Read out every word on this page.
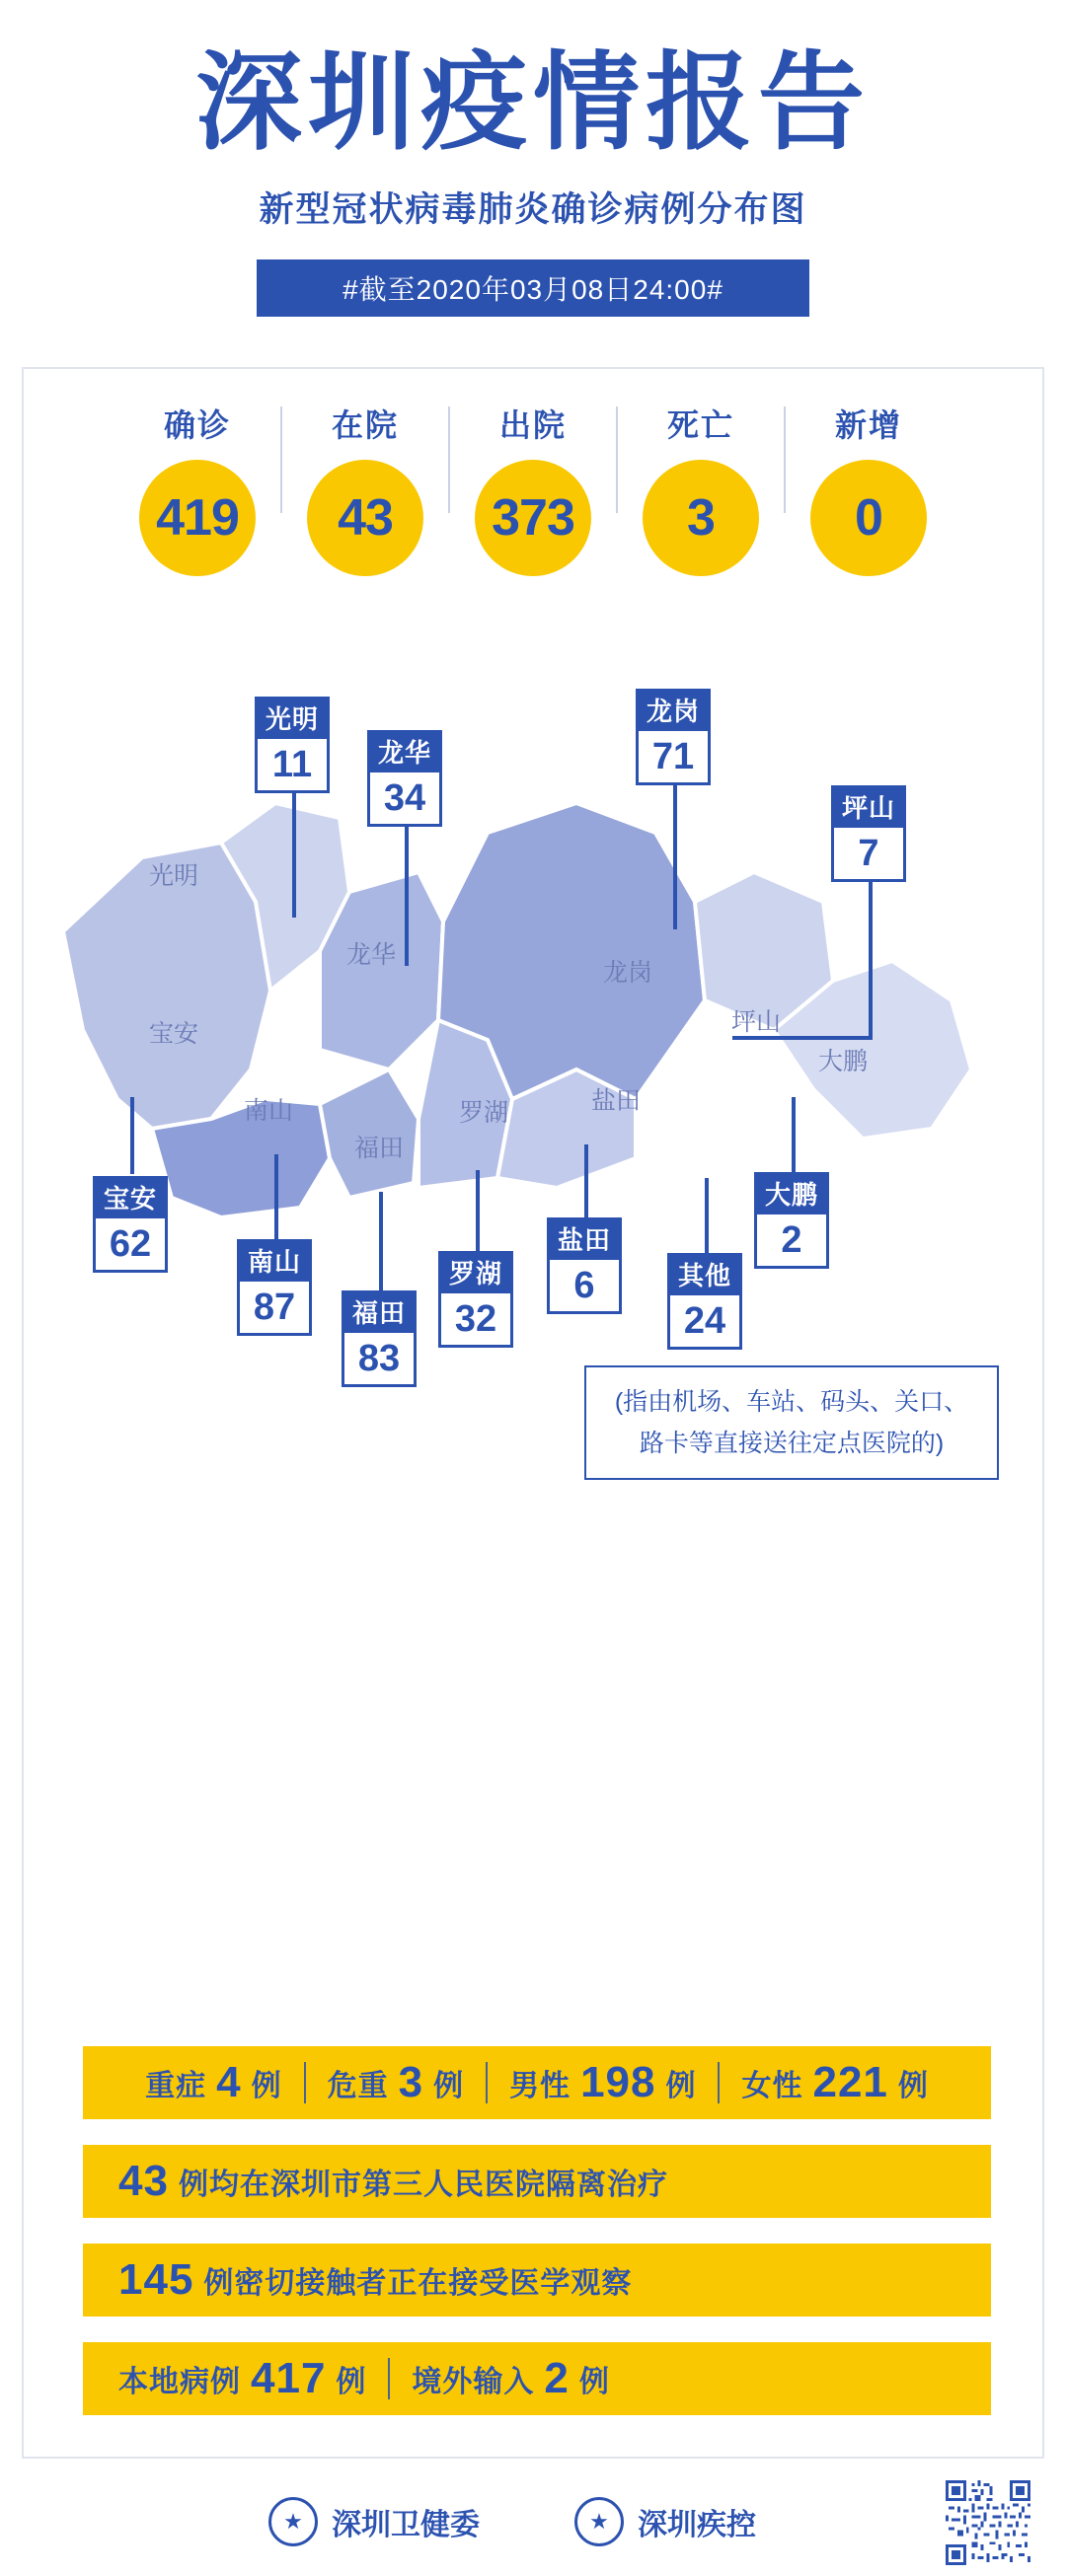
深圳疫情报告
新型冠状病毒肺炎确诊病例分布图
#截至2020年03月08日24:00#
确诊
419
在院
43
出院
373
死亡
3
新增
0
光明
龙华
宝安
南山
福田
罗湖
龙岗
盐田
坪山
大鹏
光明
11	龙华
34
龙岗
71
坪山
7
宝安
62	南山
87	福田
83
罗湖
32
盐田
6
大鹏
2
其他
24
(指由机场、车站、码头、关口、
路卡等直接送往定点医院的)
重症 4 例 危重 3 例 男性 198 例 女性 221 例
43 例均在深圳市第三人民医院隔离治疗
145 例密切接触者正在接受医学观察
本地病例 417 例 境外输入 2 例
★ 深圳卫健委	★ 深圳疾控
